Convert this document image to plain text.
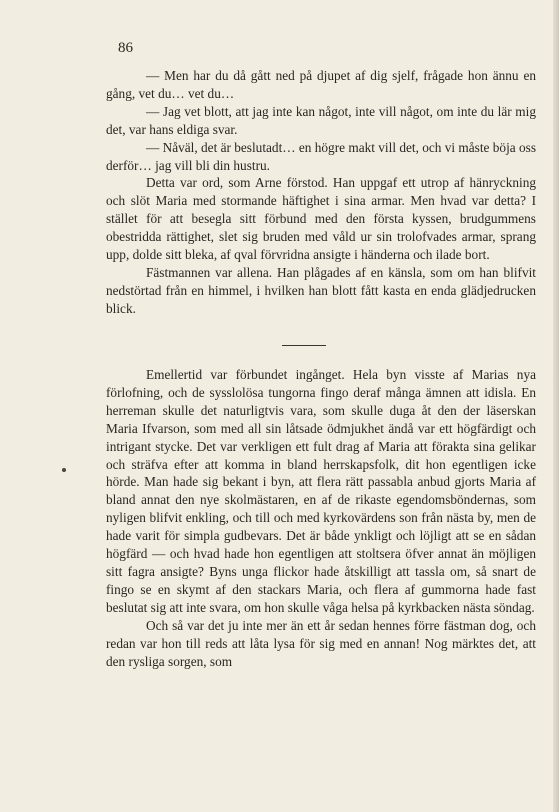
86

— Men har du då gått ned på djupet af dig sjelf, frågade hon ännu en gång, vet du… vet du…

— Jag vet blott, att jag inte kan något, inte vill något, om inte du lär mig det, var hans eldiga svar.

— Nåväl, det är beslutadt… en högre makt vill det, och vi måste böja oss derför… jag vill bli din hustru.

Detta var ord, som Arne förstod. Han uppgaf ett utrop af hänryckning och slöt Maria med stormande häftighet i sina armar. Men hvad var detta? I stället för att besegla sitt förbund med den första kyssen, brudgummens obestridda rättighet, slet sig bruden med våld ur sin trolofvades armar, sprang upp, dolde sitt bleka, af qval förvridna ansigte i händerna och ilade bort.

Fästmannen var allena. Han plågades af en känsla, som om han blifvit nedstörtad från en himmel, i hvilken han blott fått kasta en enda glädjedrucken blick.

Emellertid var förbundet ingånget. Hela byn visste af Marias nya förlofning, och de sysslolösa tungorna fingo deraf många ämnen att idisla. En herreman skulle det naturligtvis vara, som skulle duga åt den der läserskan Maria Ifvarson, som med all sin låtsade ödmjukhet ändå var ett högfärdigt och intrigant stycke. Det var verkligen ett fult drag af Maria att förakta sina gelikar och sträfva efter att komma in bland herrskapsfolk, dit hon egentligen icke hörde. Man hade sig bekant i byn, att flera rätt passabla anbud gjorts Maria af bland annat den nye skolmästaren, en af de rikaste egendomsböndernas, som nyligen blifvit enkling, och till och med kyrkovärdens son från nästa by, men de hade varit för simpla gudbevars. Det är både ynkligt och löjligt att se en sådan högfärd — och hvad hade hon egentligen att stoltsera öfver annat än möjligen sitt fagra ansigte? Byns unga flickor hade åtskilligt att tassla om, så snart de fingo se en skymt af den stackars Maria, och flera af gummorna hade fast beslutat sig att inte svara, om hon skulle våga helsa på kyrkbacken nästa söndag.

Och så var det ju inte mer än ett år sedan hennes förre fästman dog, och redan var hon till reds att låta lysa för sig med en annan! Nog märktes det, att den rysliga sorgen, som
